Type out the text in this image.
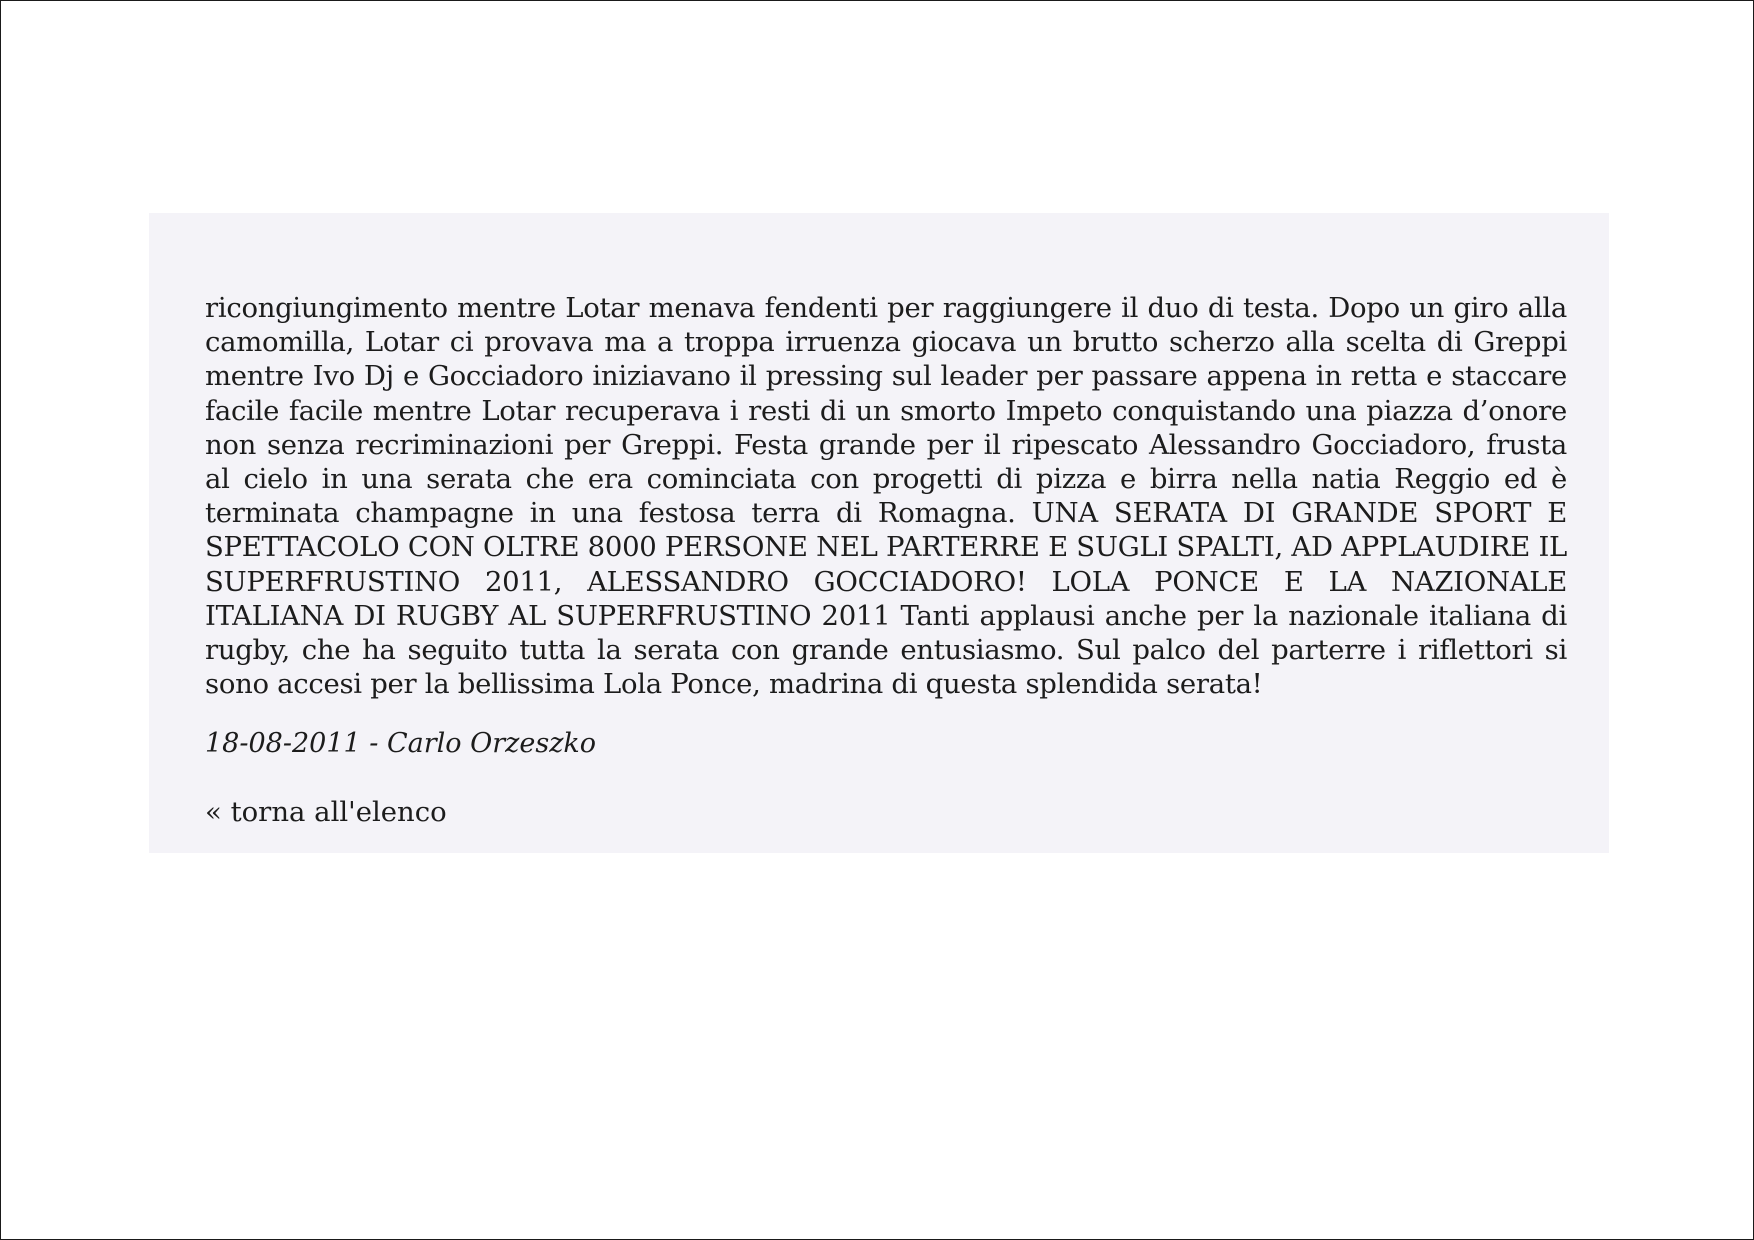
ricongiungimento mentre Lotar menava fendenti per raggiungere il duo di testa. Dopo un giro alla camomilla, Lotar ci provava ma a troppa irruenza giocava un brutto scherzo alla scelta di Greppi mentre Ivo Dj e Gocciadoro iniziavano il pressing sul leader per passare appena in retta e staccare facile facile mentre Lotar recuperava i resti di un smorto Impeto conquistando una piazza d’onore non senza recriminazioni per Greppi. Festa grande per il ripescato Alessandro Gocciadoro, frusta al cielo in una serata che era cominciata con progetti di pizza e birra nella natia Reggio ed è terminata champagne in una festosa terra di Romagna. UNA SERATA DI GRANDE SPORT E SPETTACOLO CON OLTRE 8000 PERSONE NEL PARTERRE E SUGLI SPALTI, AD APPLAUDIRE IL SUPERFRUSTINO 2011, ALESSANDRO GOCCIADORO! LOLA PONCE E LA NAZIONALE ITALIANA DI RUGBY AL SUPERFRUSTINO 2011 Tanti applausi anche per la nazionale italiana di rugby, che ha seguito tutta la serata con grande entusiasmo. Sul palco del parterre i riflettori si sono accesi per la bellissima Lola Ponce, madrina di questa splendida serata!

18-08-2011 - Carlo Orzeszko

« torna all'elenco
